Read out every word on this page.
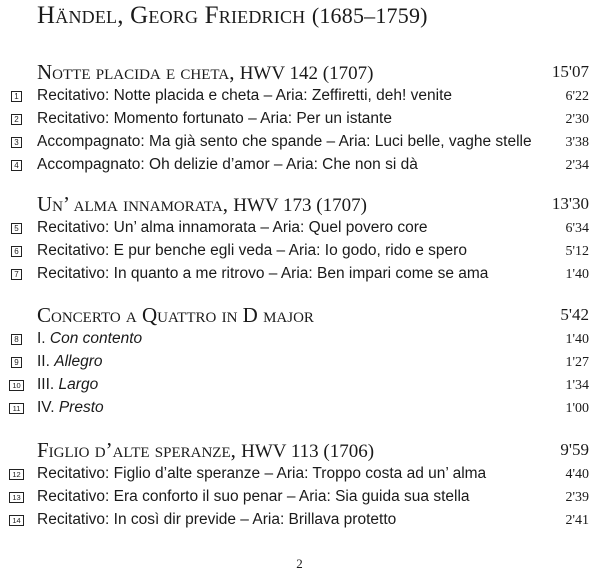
Händel, Georg Friedrich (1685–1759)
Notte placida e cheta, HWV 142 (1707)	15'07
1 Recitativo: Notte placida e cheta – Aria: Zeffiretti, deh! venite	6'22
2 Recitativo: Momento fortunato – Aria: Per un istante	2'30
3 Accompagnato: Ma già sento che spande – Aria: Luci belle, vaghe stelle 3'38
4 Accompagnato: Oh delizie d’amor – Aria: Che non si dà	2'34
Un’ alma innamorata, HWV 173 (1707)	13'30
5 Recitativo: Un’ alma innamorata – Aria: Quel povero core	6'34
6 Recitativo: E pur benche egli veda – Aria: Io godo, rido e spero	5'12
7 Recitativo: In quanto a me ritrovo – Aria: Ben impari come se ama	1'40
Concerto a Quattro in D major	5'42
8 I. Con contento	1'40
9 II. Allegro	1'27
10 III. Largo	1'34
11 IV. Presto	1'00
Figlio d’alte speranze, HWV 113 (1706)	9'59
12 Recitativo: Figlio d’alte speranze – Aria: Troppo costa ad un’ alma	4'40
13 Recitativo: Era conforto il suo penar – Aria: Sia guida sua stella	2'39
14 Recitativo: In così dir previde – Aria: Brillava protetto	2'41
2
